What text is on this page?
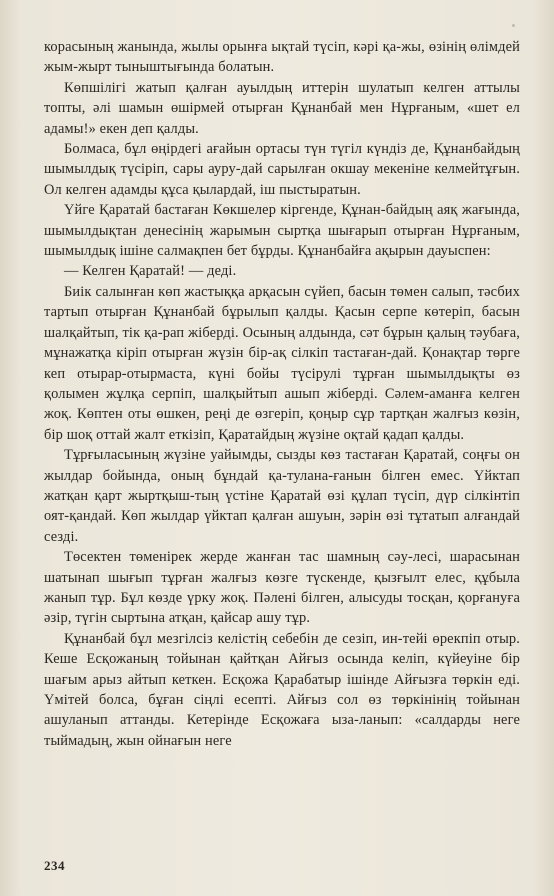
корасының жанында, жылы орынға ықтай түсіп, кәрі қа-жы, өзінің өлімдей жым-жырт тыныштығында болатын.

Көпшілігі жатып қалған ауылдың иттерін шулатып келген аттылы топты, әлі шамын өшірмей отырған Құнанбай мен Нұрғаным, «шет ел адамы!» екен деп қалды.

Болмаса, бұл өңірдегі ағайын ортасы түн түгіл күндіз де, Құнанбайдың шымылдық түсіріп, сары ауру-дай сарылған окшау мекеніне келмейтұғын. Ол келген адамды құса қылардай, іш пыстыратын.

Үйге Қаратай бастаған Көкшелер кіргенде, Құнан-байдың аяқ жағында, шымылдықтан денесінің жарымын сыртқа шығарып отырған Нұрғаным, шымылдық ішіне салмақпен бет бұрды. Құнанбайға ақырын дауыспен:

— Келген Қаратай! — деді.

Биік салынған көп жастыққа арқасын сүйеп, басын төмен салып, тәсбих тартып отырған Құнанбай бұрылып қалды. Қасын серпе көтеріп, басын шалқайтып, тік қа-рап жіберді. Осының алдында, сәт бұрын қалың тәубаға, мұнажатқа кіріп отырған жүзін бір-ақ сілкіп тастаған-дай. Қонақтар төрге кеп отырар-отырмаста, күні бойы түсірулі тұрған шымылдықты өз қолымен жұлқа серпіп, шалқыйтып ашып жіберді. Сәлем-аманға келген жоқ. Көптен оты өшкен, реңі де өзгеріп, қоңыр сұр тартқан жалғыз көзін, бір шоқ оттай жалт еткізіп, Қаратайдың жүзіне оқтай қадап қалды.

Тұрғыласының жүзіне уайымды, сызды көз тастаған Қаратай, соңғы он жылдар бойында, оның бұндай қа-тулана-ғанын білген емес. Үйктап жатқан қарт жыртқыш-тың үстіне Қаратай өзі құлап түсіп, дүр сілкінтіп оят-қандай. Көп жылдар үйктап қалған ашуын, зәрін өзі тұтатып алғандай сезді.

Төсектен төменірек жерде жанған тас шамның сәу-лесі, шарасынан шатынап шығып тұрған жалғыз көзге түскенде, қызғылт елес, құбыла жанып тұр. Бұл көзде үрку жоқ. Пәлені білген, алысуды тосқан, қорғануға әзір, түгін сыртына атқан, қайсар ашу тұр.

Құнанбай бұл мезгілсіз келістің себебін де сезіп, ин-тейі өрекпіп отыр. Кеше Есқожаның тойынан қайтқан Айғыз осында келіп, күйеуіне бір шағым арыз айтып кеткен. Есқожа Қарабатыр ішінде Айғызға төркін еді. Үмітей болса, бұған сіңлі есепті. Айғыз сол өз төркінінің тойынан ашуланып аттанды. Кетерінде Есқожаға ыза-ланып: «салдарды неге тыймадың, жын ойнағын неге

234
